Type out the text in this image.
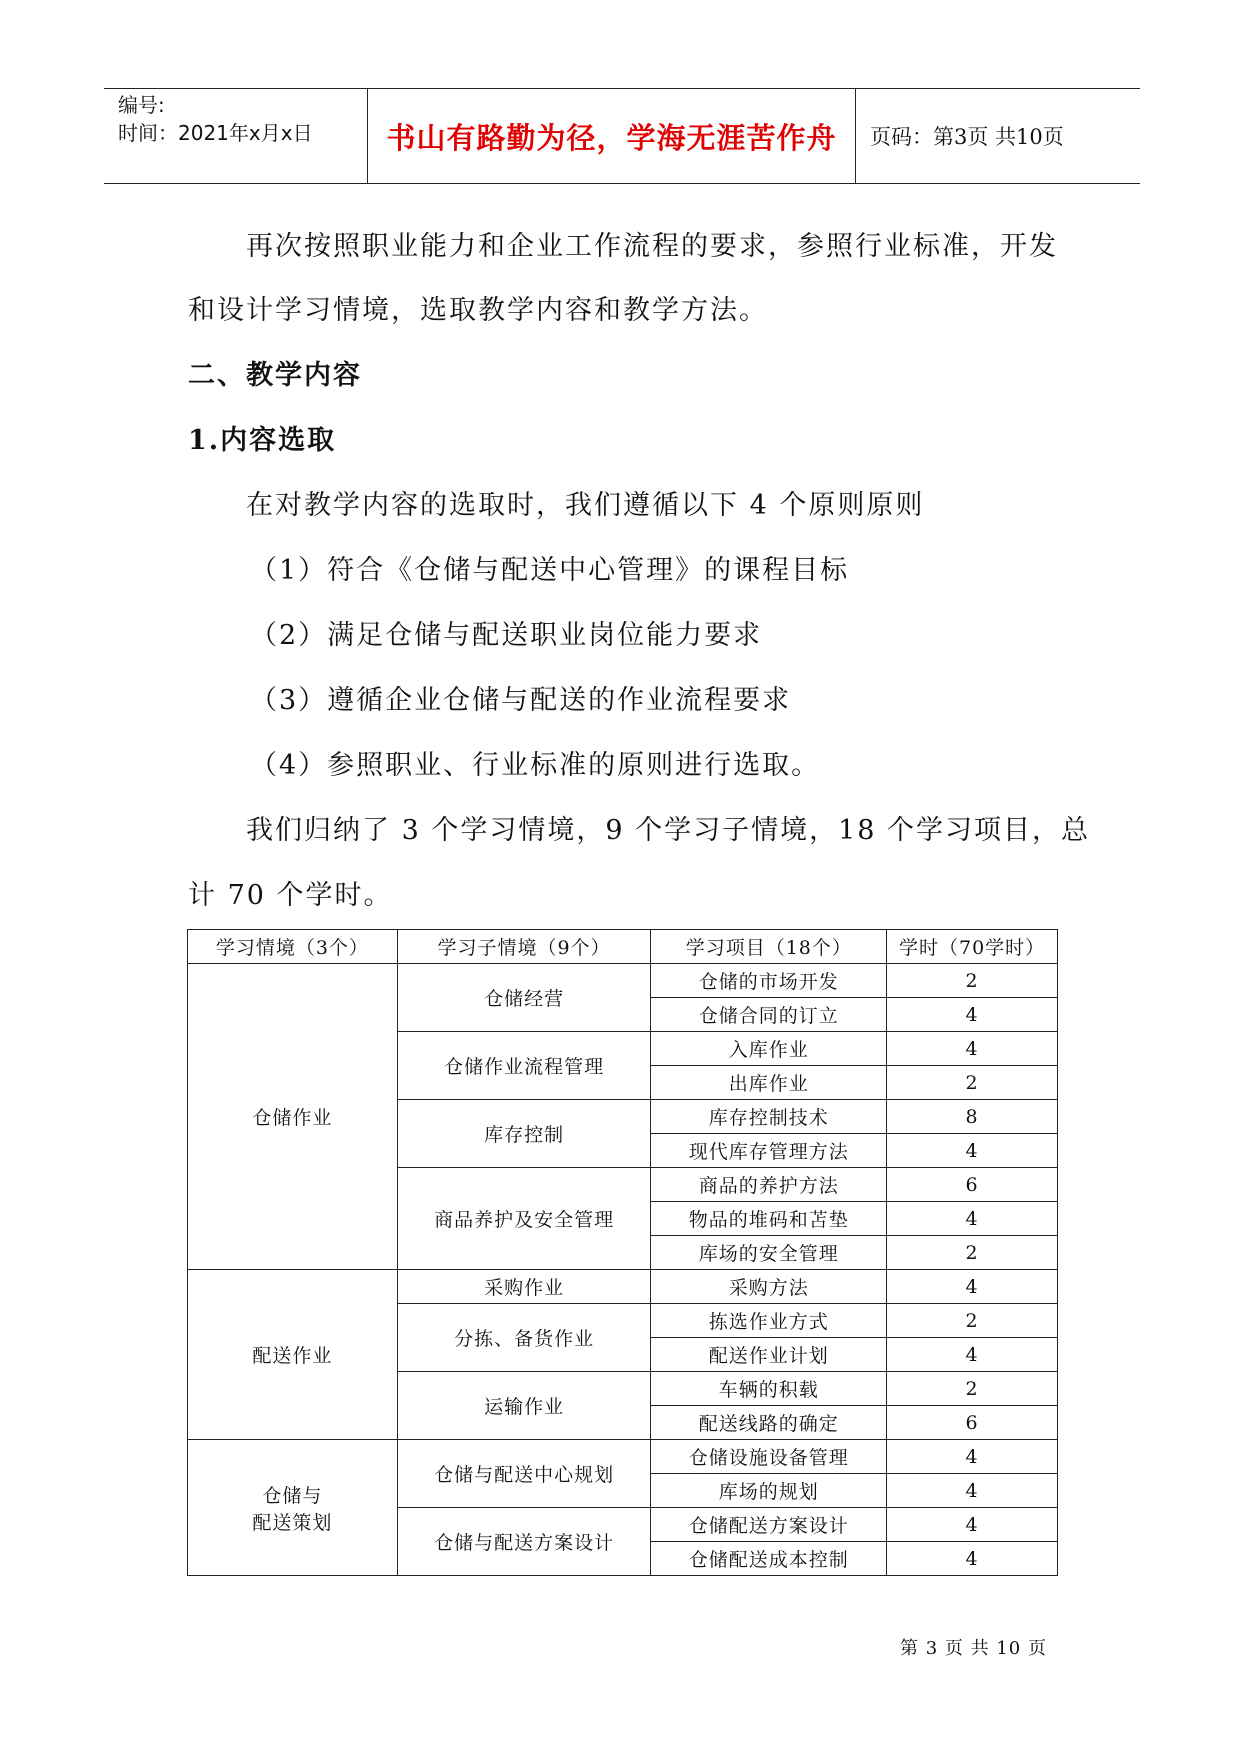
编号:
时间：2021年x月x日	书山有路勤为径，学海无涯苦作舟	页码：第3页 共10页
再次按照职业能力和企业工作流程的要求，参照行业标准，开发
和设计学习情境，选取教学内容和教学方法。
二、教学内容
1.内容选取
在对教学内容的选取时，我们遵循以下 4 个原则原则
（1）符合《仓储与配送中心管理》的课程目标
（2）满足仓储与配送职业岗位能力要求
（3）遵循企业仓储与配送的作业流程要求
（4）参照职业、行业标准的原则进行选取。
我们归纳了 3 个学习情境，9 个学习子情境，18 个学习项目，总
计 70 个学时。
学习情境（3个）	学习子情境（9个）	学习项目（18个）	学时（70学时）
仓储作业	仓储经营	仓储的市场开发	2
		仓储合同的订立	4
	仓储作业流程管理	入库作业	4
		出库作业	2
	库存控制	库存控制技术	8
		现代库存管理方法	4
	商品养护及安全管理	商品的养护方法	6
		物品的堆码和苫垫	4
		库场的安全管理	2
配送作业	采购作业	采购方法	4
	分拣、备货作业	拣选作业方式	2
		配送作业计划	4
	运输作业	车辆的积载	2
		配送线路的确定	6

仓储与
配送策划	仓储与配送中心规划	仓储设施设备管理	4
		库场的规划	4
	仓储与配送方案设计	仓储配送方案设计	4
		仓储配送成本控制	4
第 3 页 共 10 页
